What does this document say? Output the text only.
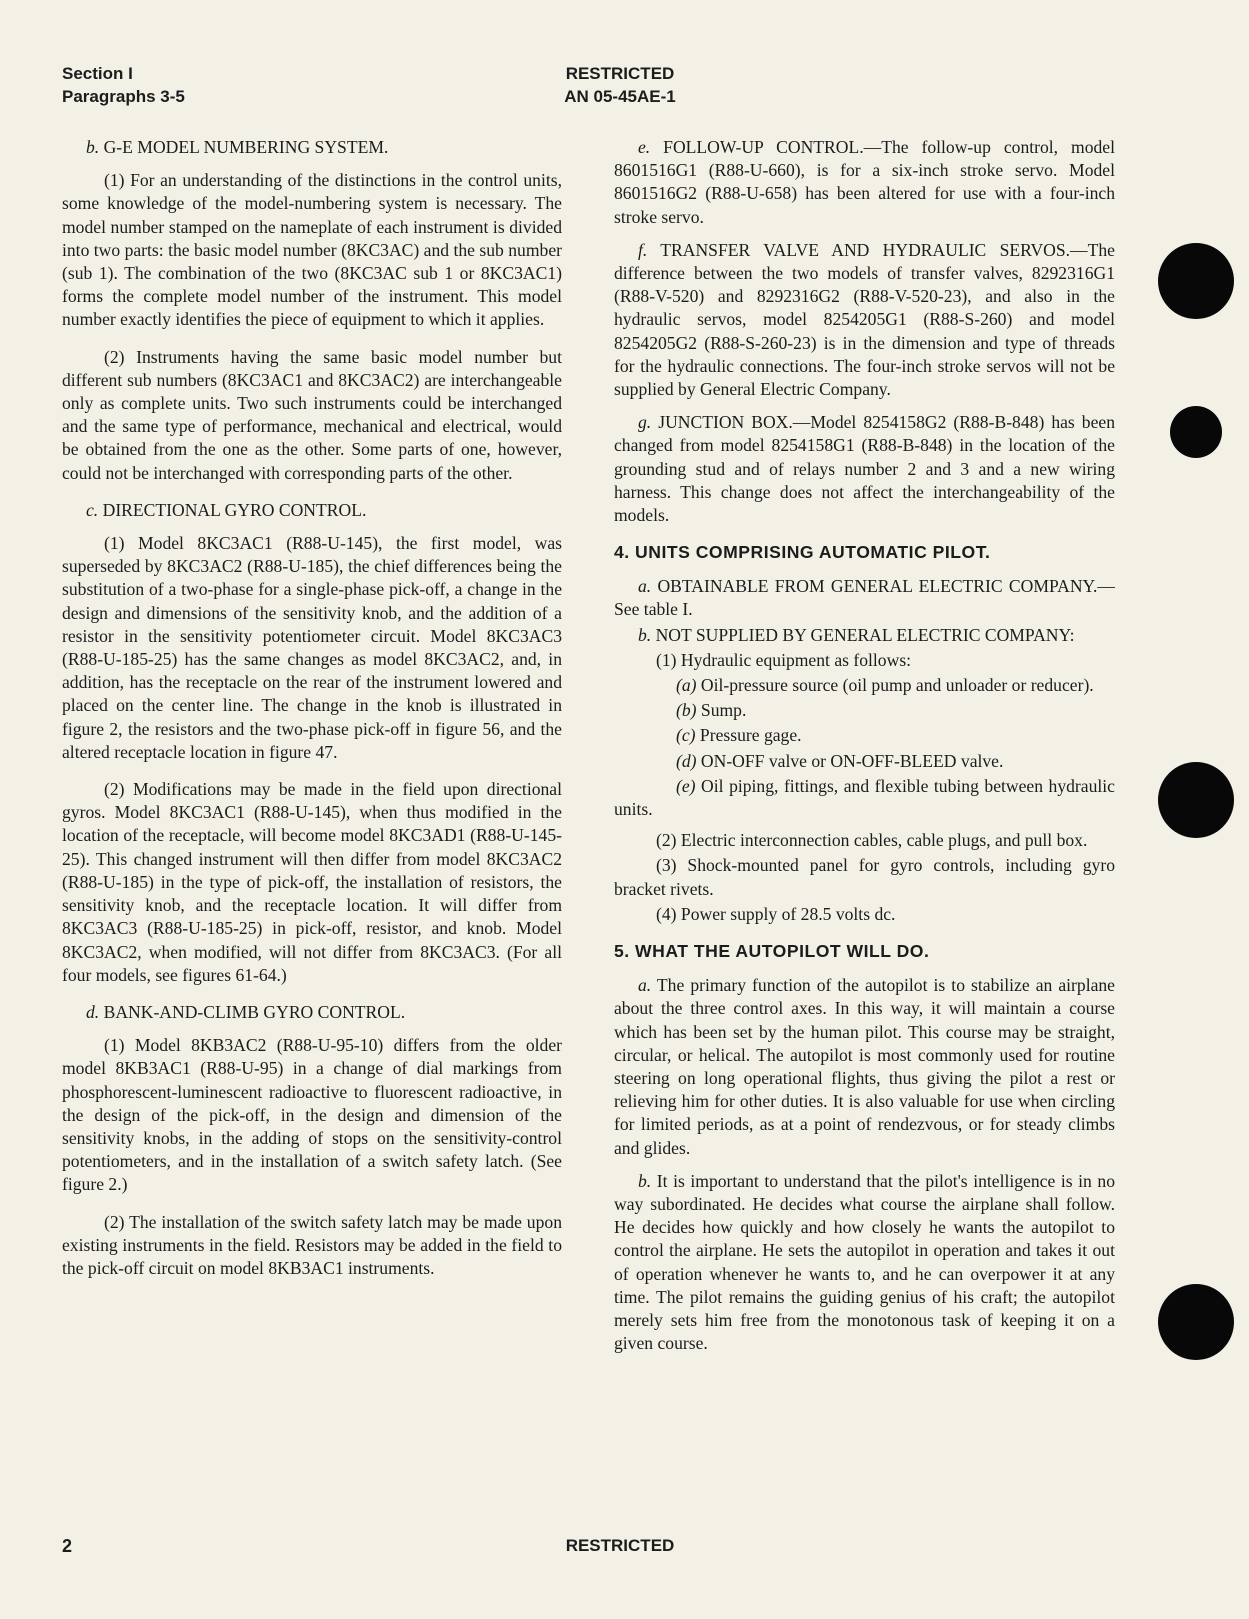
Section I
Paragraphs 3-5
RESTRICTED
AN 05-45AE-1

b. G-E MODEL NUMBERING SYSTEM.

(1) For an understanding of the distinctions in the control units, some knowledge of the model-numbering system is necessary. The model number stamped on the nameplate of each instrument is divided into two parts: the basic model number (8KC3AC) and the sub number (sub 1). The combination of the two (8KC3AC sub 1 or 8KC3AC1) forms the complete model number of the instrument. This model number exactly identifies the piece of equipment to which it applies.

(2) Instruments having the same basic model number but different sub numbers (8KC3AC1 and 8KC3AC2) are interchangeable only as complete units. Two such instruments could be interchanged and the same type of performance, mechanical and electrical, would be obtained from the one as the other. Some parts of one, however, could not be interchanged with corresponding parts of the other.

c. DIRECTIONAL GYRO CONTROL.

(1) Model 8KC3AC1 (R88-U-145), the first model, was superseded by 8KC3AC2 (R88-U-185), the chief differences being the substitution of a two-phase for a single-phase pick-off, a change in the design and dimensions of the sensitivity knob, and the addition of a resistor in the sensitivity potentiometer circuit. Model 8KC3AC3 (R88-U-185-25) has the same changes as model 8KC3AC2, and, in addition, has the receptacle on the rear of the instrument lowered and placed on the center line. The change in the knob is illustrated in figure 2, the resistors and the two-phase pick-off in figure 56, and the altered receptacle location in figure 47.

(2) Modifications may be made in the field upon directional gyros. Model 8KC3AC1 (R88-U-145), when thus modified in the location of the receptacle, will become model 8KC3AD1 (R88-U-145-25). This changed instrument will then differ from model 8KC3AC2 (R88-U-185) in the type of pick-off, the installation of resistors, the sensitivity knob, and the receptacle location. It will differ from 8KC3AC3 (R88-U-185-25) in pick-off, resistor, and knob. Model 8KC3AC2, when modified, will not differ from 8KC3AC3. (For all four models, see figures 61-64.)

d. BANK-AND-CLIMB GYRO CONTROL.

(1) Model 8KB3AC2 (R88-U-95-10) differs from the older model 8KB3AC1 (R88-U-95) in a change of dial markings from phosphorescent-luminescent radioactive to fluorescent radioactive, in the design of the pick-off, in the design and dimension of the sensitivity knobs, in the adding of stops on the sensitivity-control potentiometers, and in the installation of a switch safety latch. (See figure 2.)

(2) The installation of the switch safety latch may be made upon existing instruments in the field. Resistors may be added in the field to the pick-off circuit on model 8KB3AC1 instruments.

e. FOLLOW-UP CONTROL.—The follow-up control, model 8601516G1 (R88-U-660), is for a six-inch stroke servo. Model 8601516G2 (R88-U-658) has been altered for use with a four-inch stroke servo.

f. TRANSFER VALVE AND HYDRAULIC SERVOS.—The difference between the two models of transfer valves, 8292316G1 (R88-V-520) and 8292316G2 (R88-V-520-23), and also in the hydraulic servos, model 8254205G1 (R88-S-260) and model 8254205G2 (R88-S-260-23) is in the dimension and type of threads for the hydraulic connections. The four-inch stroke servos will not be supplied by General Electric Company.

g. JUNCTION BOX.—Model 8254158G2 (R88-B-848) has been changed from model 8254158G1 (R88-B-848) in the location of the grounding stud and of relays number 2 and 3 and a new wiring harness. This change does not affect the interchangeability of the models.

4. UNITS COMPRISING AUTOMATIC PILOT.

a. OBTAINABLE FROM GENERAL ELECTRIC COMPANY.—See table I.

b. NOT SUPPLIED BY GENERAL ELECTRIC COMPANY:

(1) Hydraulic equipment as follows:

(a) Oil-pressure source (oil pump and unloader or reducer).

(b) Sump.

(c) Pressure gage.

(d) ON-OFF valve or ON-OFF-BLEED valve.

(e) Oil piping, fittings, and flexible tubing between hydraulic units.

(2) Electric interconnection cables, cable plugs, and pull box.

(3) Shock-mounted panel for gyro controls, including gyro bracket rivets.

(4) Power supply of 28.5 volts dc.

5. WHAT THE AUTOPILOT WILL DO.

a. The primary function of the autopilot is to stabilize an airplane about the three control axes. In this way, it will maintain a course which has been set by the human pilot. This course may be straight, circular, or helical. The autopilot is most commonly used for routine steering on long operational flights, thus giving the pilot a rest or relieving him for other duties. It is also valuable for use when circling for limited periods, as at a point of rendezvous, or for steady climbs and glides.

b. It is important to understand that the pilot's intelligence is in no way subordinated. He decides what course the airplane shall follow. He decides how quickly and how closely he wants the autopilot to control the airplane. He sets the autopilot in operation and takes it out of operation whenever he wants to, and he can overpower it at any time. The pilot remains the guiding genius of his craft; the autopilot merely sets him free from the monotonous task of keeping it on a given course.

2	RESTRICTED
